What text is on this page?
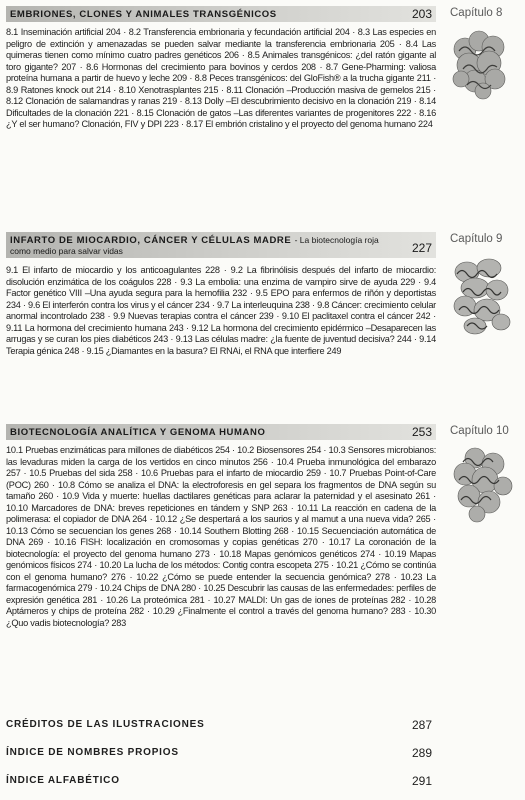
EMBRIONES, CLONES Y ANIMALES TRANSGÉNICOS	203 Capítulo 8
8.1 Inseminación artificial 204 · 8.2 Transferencia embrionaria y fecundación artificial 204 · 8.3 Las especies en peligro de extinción y amenazadas se pueden salvar mediante la transferencia embrionaria 205 · 8.4 Las quimeras tienen como mínimo cuatro padres genéticos 206 · 8.5 Animales transgénicos: ¿del ratón gigante al toro gigante? 207 · 8.6 Hormonas del crecimiento para bovinos y cerdos 208 · 8.7 Gene-Pharming: valiosa proteína humana a partir de huevo y leche 209 · 8.8 Peces transgénicos: del GloFish® a la trucha gigante 211 · 8.9 Ratones knock out 214 · 8.10 Xenotrasplantes 215 · 8.11 Clonación –Producción masiva de gemelos 215 · 8.12 Clonación de salamandras y ranas 219 · 8.13 Dolly –El descubrimiento decisivo en la clonación 219 · 8.14 Dificultades de la clonación 221 · 8.15 Clonación de gatos –Las diferentes variantes de progenitores 222 · 8.16 ¿Y el ser humano? Clonación, FIV y DPI 223 · 8.17 El embrión cristalino y el proyecto del genoma humano 224
INFARTO DE MIOCARDIO, CÁNCER Y CÉLULAS MADRE - La biotecnología roja
como medio para salvar vidas	227
Capítulo 9
9.1 El infarto de miocardio y los anticoagulantes 228 · 9.2 La fibrinólisis después del infarto de miocardio: disolución enzimática de los coágulos 228 · 9.3 La embolia: una enzima de vampiro sirve de ayuda 229 · 9.4 Factor genético VIII –Una ayuda segura para la hemofilia 232 · 9.5 EPO para enfermos de riñón y deportistas 234 · 9.6 El interferón contra los virus y el cáncer 234 · 9.7 La interleuquina 238 · 9.8 Cáncer: crecimiento celular anormal incontrolado 238 · 9.9 Nuevas terapias contra el cáncer 239 · 9.10 El paclitaxel contra el cáncer 242 · 9.11 La hormona del crecimiento humana 243 · 9.12 La hormona del crecimiento epidérmico –Desaparecen las arrugas y se curan los pies diabéticos 243 · 9.13 Las células madre: ¿la fuente de juventud decisiva? 244 · 9.14 Terapia génica 248 · 9.15 ¿Diamantes en la basura? El RNAi, el RNA que interfiere 249
BIOTECNOLOGÍA ANALÍTICA Y GENOMA HUMANO	253 Capítulo 10
10.1 Pruebas enzimáticas para millones de diabéticos 254 · 10.2 Biosensores 254 · 10.3 Sensores microbianos: las levaduras miden la carga de los vertidos en cinco minutos 256 · 10.4 Prueba inmunológica del embarazo 257 · 10.5 Pruebas del sida 258 · 10.6 Pruebas para el infarto de miocardio 259 · 10.7 Pruebas Point-of-Care (POC) 260 · 10.8 Cómo se analiza el DNA: la electroforesis en gel separa los fragmentos de DNA según su tamaño 260 · 10.9 Vida y muerte: huellas dactilares genéticas para aclarar la paternidad y el asesinato 261 · 10.10 Marcadores de DNA: breves repeticiones en tándem y SNP 263 · 10.11 La reacción en cadena de la polimerasa: el copiador de DNA 264 · 10.12 ¿Se despertará a los saurios y al mamut a una nueva vida? 265 · 10.13 Cómo se secuencian los genes 268 · 10.14 Southern Blotting 268 · 10.15 Secuenciación automática de DNA 269 · 10.16 FISH: localización en cromosomas y copias genéticas 270 · 10.17 La coronación de la biotecnología: el proyecto del genoma humano 273 · 10.18 Mapas genómicos genéticos 274 · 10.19 Mapas genómicos físicos 274 · 10.20 La lucha de los métodos: Contig contra escopeta 275 · 10.21 ¿Cómo se continúa con el genoma humano? 276 · 10.22 ¿Cómo se puede entender la secuencia genómica? 278 · 10.23 La farmacogenómica 279 · 10.24 Chips de DNA 280 · 10.25 Descubrir las causas de las enfermedades: perfiles de expresión genética 281 · 10.26 La proteómica 281 · 10.27 MALDI: Un gas de iones de proteínas 282 · 10.28 Aptámeros y chips de proteína 282 · 10.29 ¿Finalmente el control a través del genoma humano? 283 · 10.30 ¿Quo vadis biotecnología? 283
CRÉDITOS DE LAS ILUSTRACIONES	287
ÍNDICE DE NOMBRES PROPIOS	289
ÍNDICE ALFABÉTICO	291
